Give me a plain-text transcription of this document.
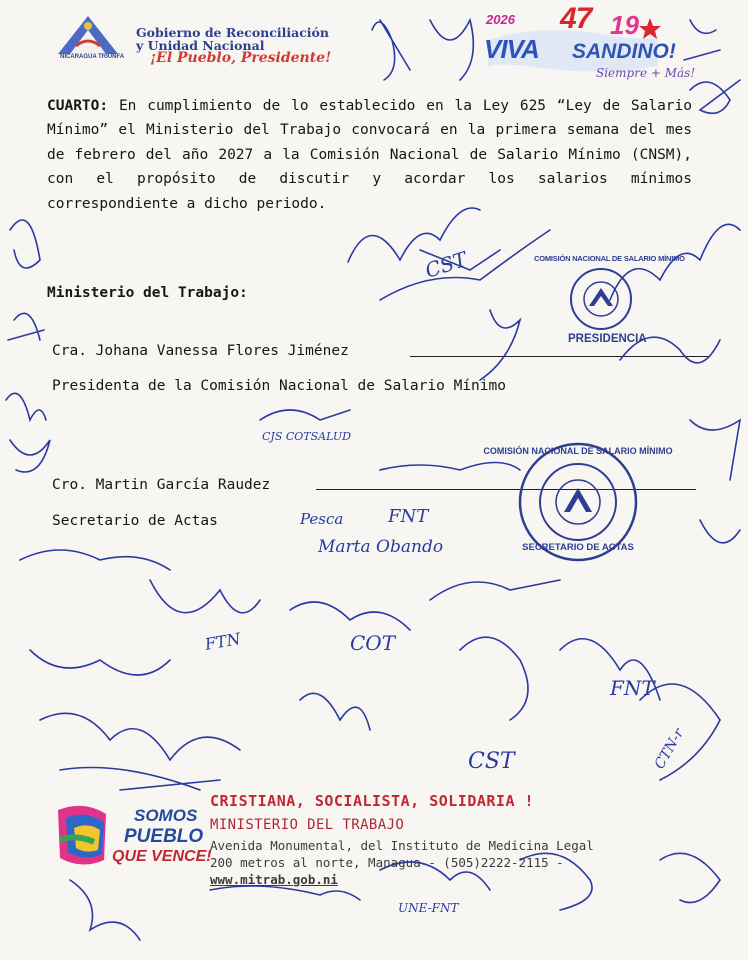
NICARAGUA TRIUNFA
Gobierno de Reconciliación
y Unidad Nacional
¡El Pueblo, Presidente!
2026 47 19
VIVA SANDINO!
Siempre + Más!
CUARTO: En cumplimiento de lo establecido en la Ley 625 “Ley de Salario Mínimo” el Ministerio del Trabajo convocará en la primera semana del mes de febrero del año 2027 a la Comisión Nacional de Salario Mínimo (CNSM), con el propósito de discutir y acordar los salarios mínimos correspondiente a dicho periodo.
Ministerio del Trabajo:
Cra. Johana Vanessa Flores Jiménez
Presidenta de la Comisión Nacional de Salario Mínimo
Cro. Martin García Raudez
Secretario de Actas
COMISIÓN NACIONAL DE SALARIO MÍNIMO
PRESIDENCIA
COMISIÓN NACIONAL DE SALARIO MÍNIMO
SECRETARIO DE ACTAS
SOMOS
PUEBLO
QUE VENCE!
CRISTIANA, SOCIALISTA, SOLIDARIA !
MINISTERIO DEL TRABAJO
Avenida Monumental, del Instituto de Medicina Legal
200 metros al norte, Managua - (505)2222-2115 -
www.mitrab.gob.ni
CST
CJS COTSALUD
FNT
Pesca
Marta Obando
FNT
COT
CST
UNE-FNT
CTN-r
FTN
